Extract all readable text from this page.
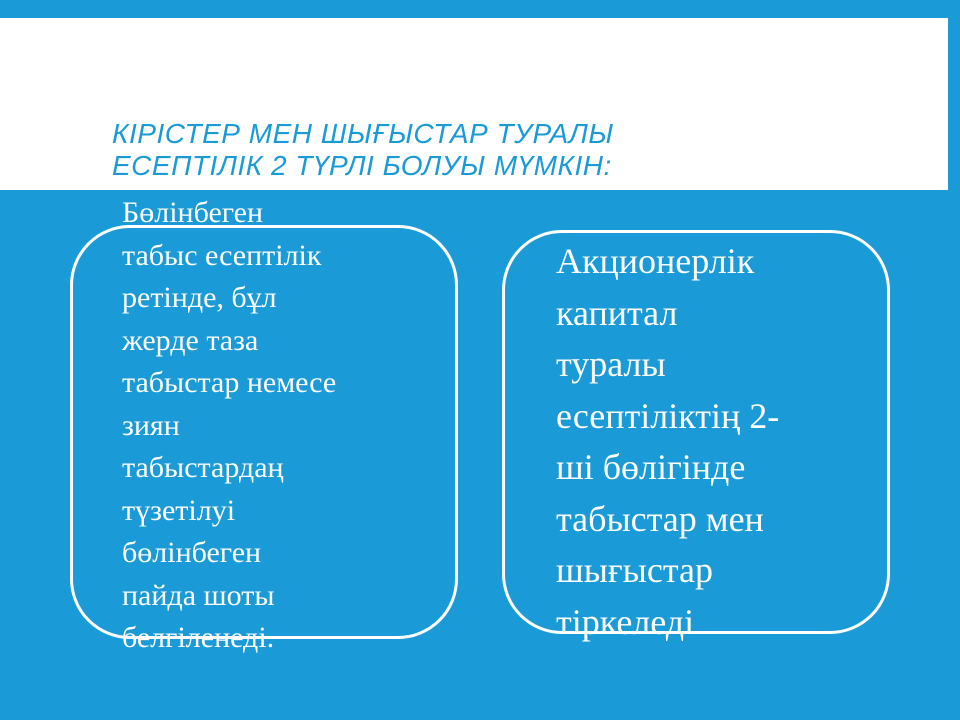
КІРІСТЕР МЕН ШЫҒЫСТАР ТУРАЛЫ
ЕСЕПТІЛІК 2 ТҮРЛІ БОЛУЫ МҮМКІН:

Бөлінбеген
табыс есептілік
ретінде, бұл
жерде таза
табыстар немесе
зиян
табыстардаң
түзетілуі
бөлінбеген
пайда шоты
белгіленеді.

Акционерлік
капитал
туралы
есептіліктің 2-
ші бөлігінде
табыстар мен
шығыстар
тіркеледі
